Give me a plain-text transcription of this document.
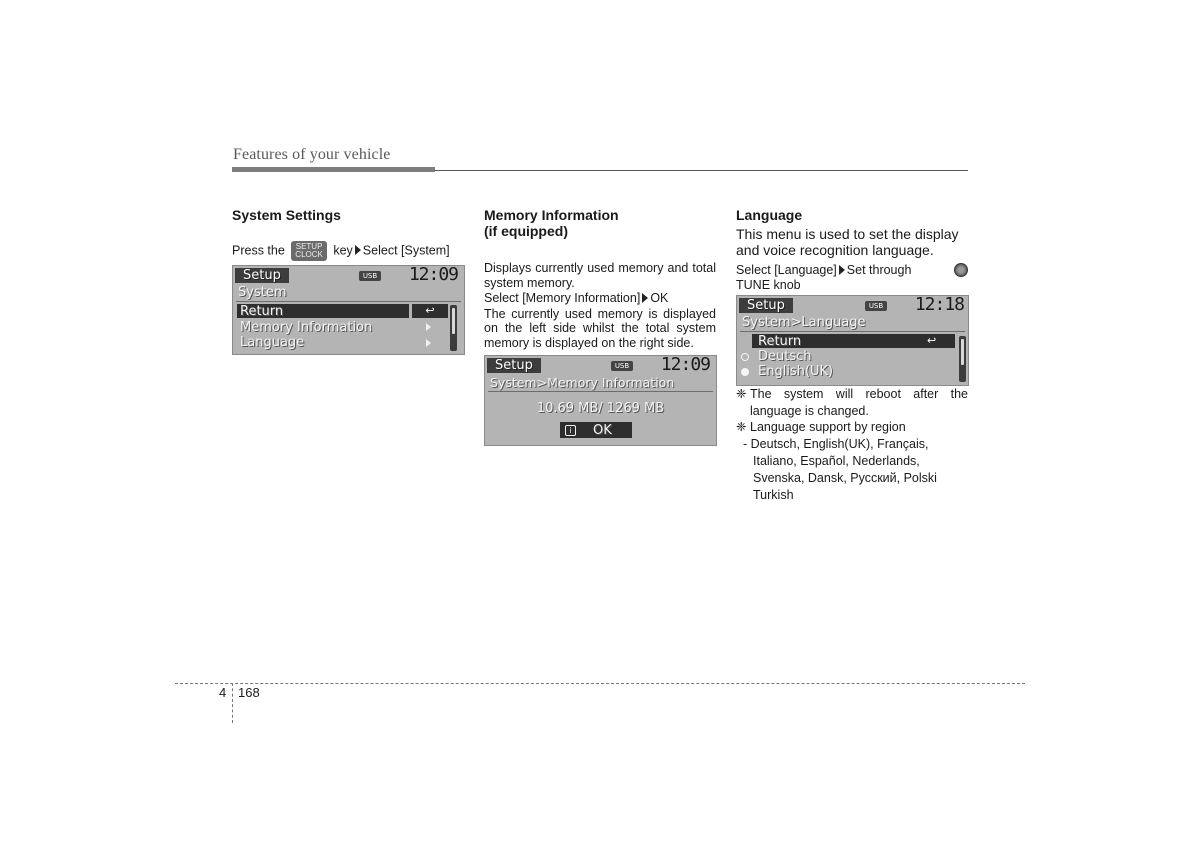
Features of your vehicle

System Settings

Press the SETUP
CLOCK key Select [System]
Setup	USB 12:09
System
Return	↩
Memory Information
Language

Memory Information

(if equipped)

Displays currently used memory and total system memory.

Select [Memory Information] OK

The currently used memory is displayed on the left side whilst the total system memory is displayed on the right side.

Setup	USB 12:09
System>Memory Information
10.69 MB/ 1269 MB
i	OK

Language

This menu is used to set the display and voice recognition language.

Select [Language] Set through

TUNE knob

Setup	USB 12:18
System>Language
Return	↩
Deutsch
English(UK)
❈ The system will reboot after the language is changed.
❈ Language support by region

- Deutsch, English(UK), Français,

Italiano, Español, Nederlands,

Svenska, Dansk, Русский, Polski

Turkish

4 168
